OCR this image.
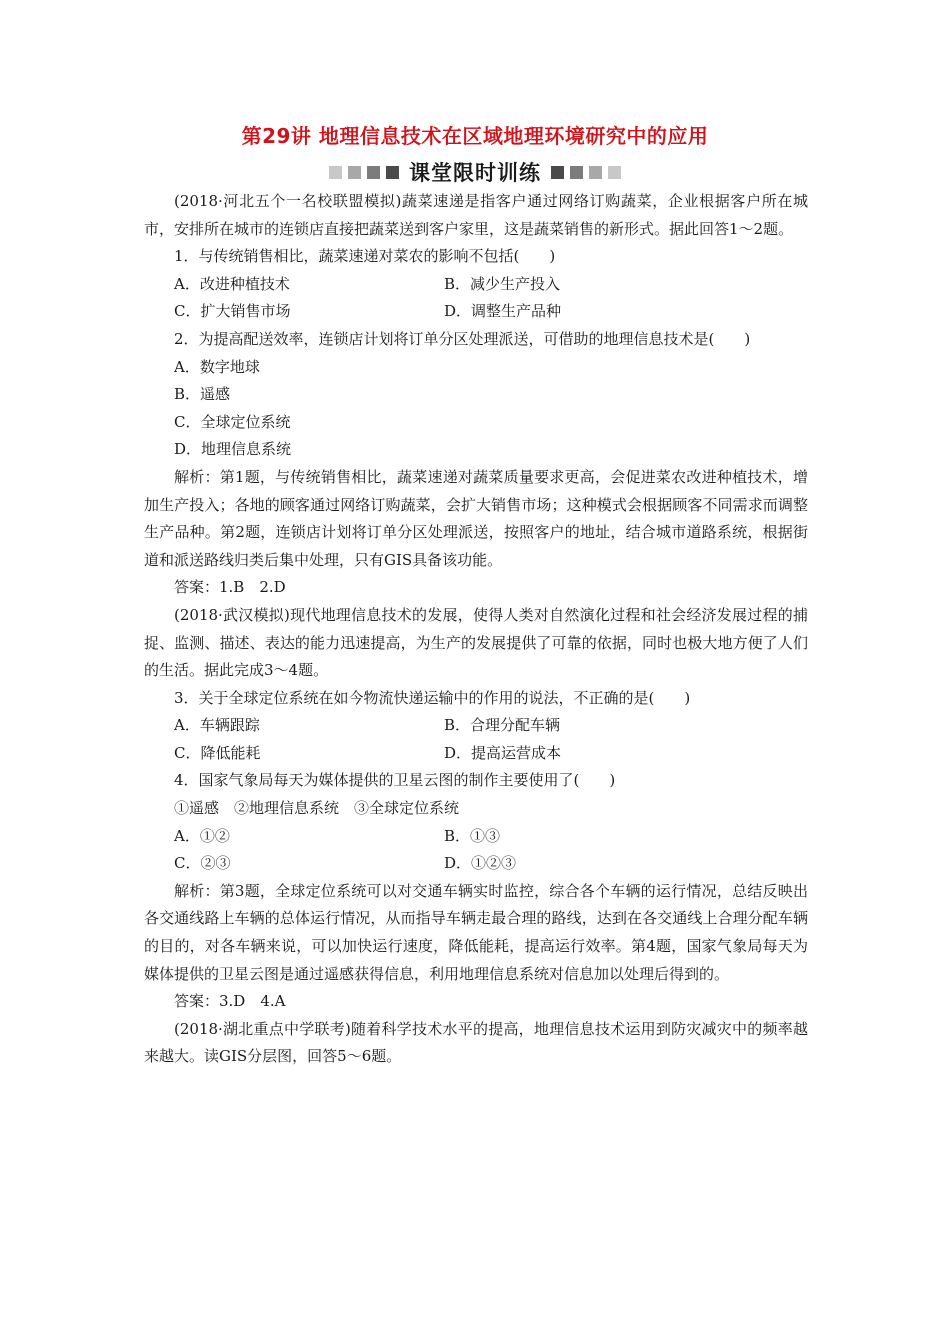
第29讲 地理信息技术在区域地理环境研究中的应用
课堂限时训练

(2018·河北五个一名校联盟模拟)蔬菜速递是指客户通过网络订购蔬菜，企业根据客户所在城市，安排所在城市的连锁店直接把蔬菜送到客户家里，这是蔬菜销售的新形式。据此回答1～2题。

1．与传统销售相比，蔬菜速递对菜农的影响不包括(　　)

A．改进种植技术	B．减少生产投入
C．扩大销售市场	D．调整生产品种

2．为提高配送效率，连锁店计划将订单分区处理派送，可借助的地理信息技术是(　　)

A．数字地球

B．遥感

C．全球定位系统

D．地理信息系统

解析：第1题，与传统销售相比，蔬菜速递对蔬菜质量要求更高，会促进菜农改进种植技术，增加生产投入；各地的顾客通过网络订购蔬菜，会扩大销售市场；这种模式会根据顾客不同需求而调整生产品种。第2题，连锁店计划将订单分区处理派送，按照客户的地址，结合城市道路系统，根据街道和派送路线归类后集中处理，只有GIS具备该功能。

答案：1.B　2.D

(2018·武汉模拟)现代地理信息技术的发展，使得人类对自然演化过程和社会经济发展过程的捕捉、监测、描述、表达的能力迅速提高，为生产的发展提供了可靠的依据，同时也极大地方便了人们的生活。据此完成3～4题。

3．关于全球定位系统在如今物流快递运输中的作用的说法，不正确的是(　　)

A．车辆跟踪	B．合理分配车辆
C．降低能耗	D．提高运营成本

4．国家气象局每天为媒体提供的卫星云图的制作主要使用了(　　)

①遥感　②地理信息系统　③全球定位系统

A．①②	B．①③
C．②③	D．①②③

解析：第3题，全球定位系统可以对交通车辆实时监控，综合各个车辆的运行情况，总结反映出各交通线路上车辆的总体运行情况，从而指导车辆走最合理的路线，达到在各交通线上合理分配车辆的目的，对各车辆来说，可以加快运行速度，降低能耗，提高运行效率。第4题，国家气象局每天为媒体提供的卫星云图是通过遥感获得信息，利用地理信息系统对信息加以处理后得到的。

答案：3.D　4.A

(2018·湖北重点中学联考)随着科学技术水平的提高，地理信息技术运用到防灾减灾中的频率越来越大。读GIS分层图，回答5～6题。
